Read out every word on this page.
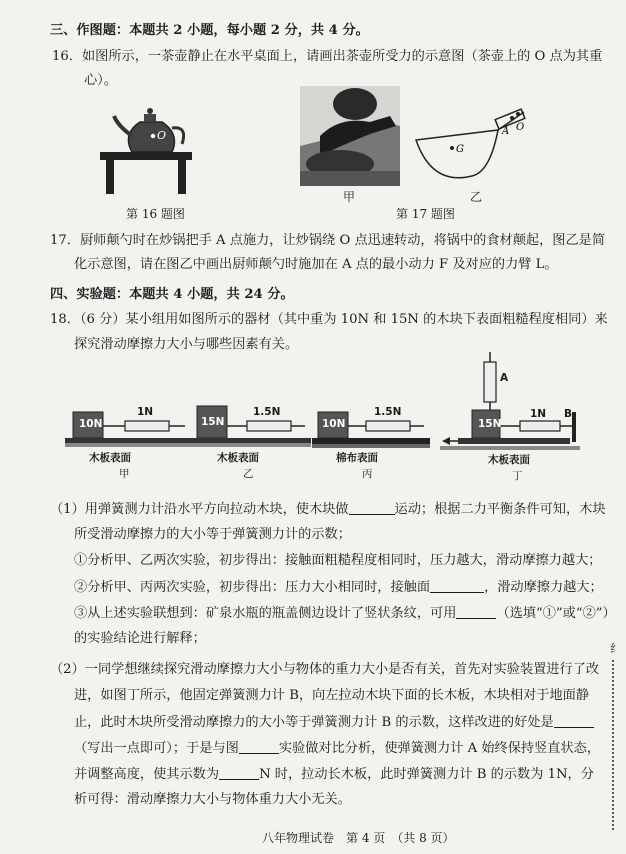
三、作图题：本题共 2 小题，每小题 2 分，共 4 分。
16．如图所示，一茶壶静止在水平桌面上，请画出茶壶所受力的示意图（茶壶上的 O 点为其重
心）。
O
第 16 题图
甲
G
A O
乙
第 17 题图
17．厨师颠勺时在炒锅把手 A 点施力，让炒锅绕 O 点迅速转动，将锅中的食材颠起，图乙是简
化示意图，请在图乙中画出厨师颠勺时施加在 A 点的最小动力 F 及对应的力臂 L。
四、实验题：本题共 4 小题，共 24 分。
18．（6 分）某小组用如图所示的器材（其中重为 10N 和 15N 的木块下表面粗糙程度相同）来
探究滑动摩擦力大小与哪些因素有关。
10N
1N
木板表面
甲
15N
1.5N
木板表面
乙
10N
1.5N
棉布表面
丙
A
15N
1N B
木板表面
丁
（1）用弹簧测力计沿水平方向拉动木块，使木块做	运动；根据二力平衡条件可知，木块
所受滑动摩擦力的大小等于弹簧测力计的示数；
①分析甲、乙两次实验，初步得出：接触面粗糙程度相同时，压力越大，滑动摩擦力越大；
②分析甲、丙两次实验，初步得出：压力大小相同时，接触面	，滑动摩擦力越大；
③从上述实验联想到：矿泉水瓶的瓶盖侧边设计了竖状条纹，可用	（选填“①”或“②”）
的实验结论进行解释；
（2）一同学想继续探究滑动摩擦力大小与物体的重力大小是否有关，首先对实验装置进行了改
进，如图丁所示，他固定弹簧测力计 B，向左拉动木块下面的长木板，木块相对于地面静
止，此时木块所受滑动摩擦力的大小等于弹簧测力计 B 的示数，这样改进的好处是
（写出一点即可）；于是与图	实验做对比分析，使弹簧测力计 A 始终保持竖直状态，
并调整高度，使其示数为	N 时，拉动长木板，此时弹簧测力计 B 的示数为 1N，分
析可得：滑动摩擦力大小与物体重力大小无关。
八年物理试卷　第 4 页　（共 8 页）
纟
